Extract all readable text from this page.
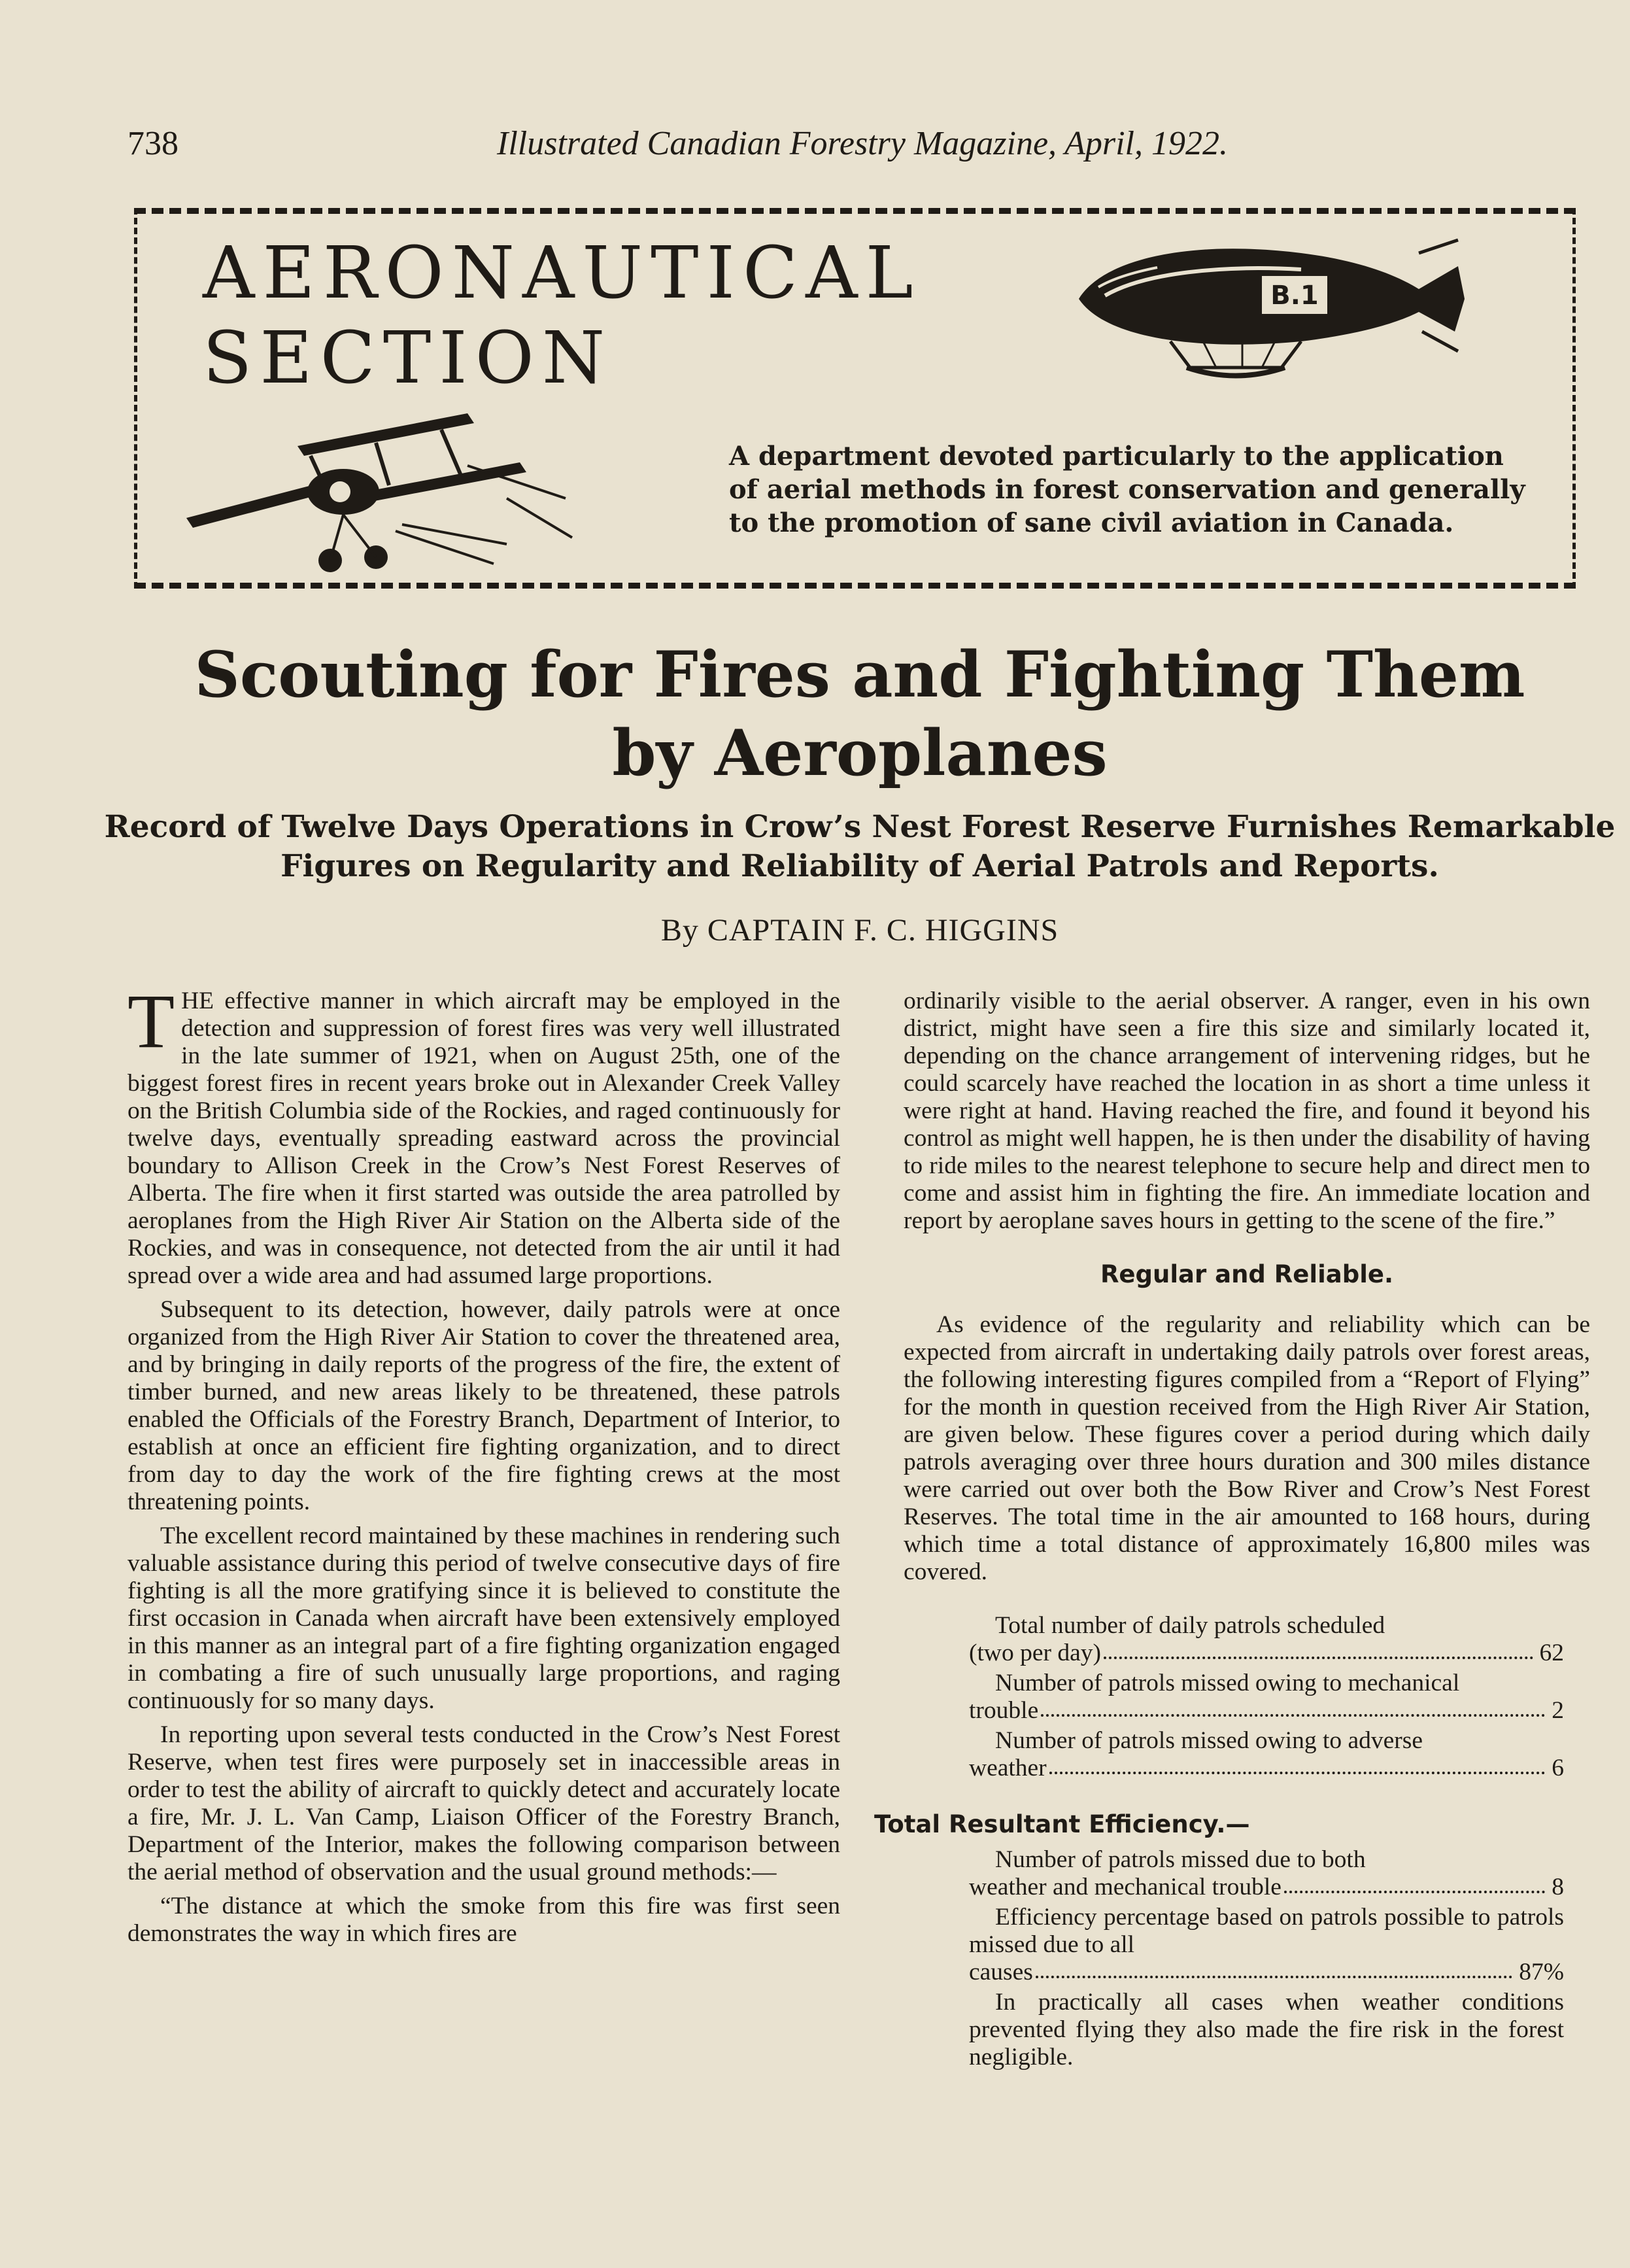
738	Illustrated Canadian Forestry Magazine, April, 1922.
AERONAUTICAL
SECTION
B.1
A department devoted particularly to the application of aerial methods in forest conservation and generally to the promotion of sane civil aviation in Canada.
Scouting for Fires and Fighting Them
by Aeroplanes
Record of Twelve Days Operations in Crow’s Nest Forest Reserve Furnishes Remarkable
Figures on Regularity and Reliability of Aerial Patrols and Reports.
By CAPTAIN F. C. HIGGINS

THE effective manner in which aircraft may be employed in the detection and suppression of forest fires was very well illustrated in the late summer of 1921, when on August 25th, one of the biggest forest fires in recent years broke out in Alexander Creek Valley on the British Columbia side of the Rockies, and raged continuously for twelve days, eventually spreading eastward across the provincial boundary to Allison Creek in the Crow’s Nest Forest Reserves of Alberta. The fire when it first started was outside the area patrolled by aeroplanes from the High River Air Station on the Alberta side of the Rockies, and was in consequence, not detected from the air until it had spread over a wide area and had assumed large proportions.

Subsequent to its detection, however, daily patrols were at once organized from the High River Air Station to cover the threatened area, and by bringing in daily reports of the progress of the fire, the extent of timber burned, and new areas likely to be threatened, these patrols enabled the Officials of the Forestry Branch, Department of Interior, to establish at once an efficient fire fighting organization, and to direct from day to day the work of the fire fighting crews at the most threatening points.

The excellent record maintained by these machines in rendering such valuable assistance during this period of twelve consecutive days of fire fighting is all the more gratifying since it is believed to constitute the first occasion in Canada when aircraft have been extensively employed in this manner as an integral part of a fire fighting organization engaged in combating a fire of such unusually large proportions, and raging continuously for so many days.

In reporting upon several tests conducted in the Crow’s Nest Forest Reserve, when test fires were purposely set in inaccessible areas in order to test the ability of aircraft to quickly detect and accurately locate a fire, Mr. J. L. Van Camp, Liaison Officer of the Forestry Branch, Department of the Interior, makes the following comparison between the aerial method of observation and the usual ground methods:—

“The distance at which the smoke from this fire was first seen demonstrates the way in which fires are

ordinarily visible to the aerial observer. A ranger, even in his own district, might have seen a fire this size and similarly located it, depending on the chance arrangement of intervening ridges, but he could scarcely have reached the location in as short a time unless it were right at hand. Having reached the fire, and found it beyond his control as might well happen, he is then under the disability of having to ride miles to the nearest telephone to secure help and direct men to come and assist him in fighting the fire. An immediate location and report by aeroplane saves hours in getting to the scene of the fire.”

Regular and Reliable.

As evidence of the regularity and reliability which can be expected from aircraft in undertaking daily patrols over forest areas, the following interesting figures compiled from a “Report of Flying” for the month in question received from the High River Air Station, are given below. These figures cover a period during which daily patrols averaging over three hours duration and 300 miles distance were carried out over both the Bow River and Crow’s Nest Forest Reserves. The total time in the air amounted to 168 hours, during which time a total distance of approximately 16,800 miles was covered.

Total number of daily patrols scheduled
(two per day)	62
Number of patrols missed owing to mechanical
trouble	2
Number of patrols missed owing to adverse
weather	6
Total Resultant Efficiency.—
Number of patrols missed due to both
weather and mechanical trouble	8
Efficiency percentage based on patrols possible to patrols missed due to all
causes	87%
In practically all cases when weather conditions prevented flying they also made the fire risk in the forest negligible.
